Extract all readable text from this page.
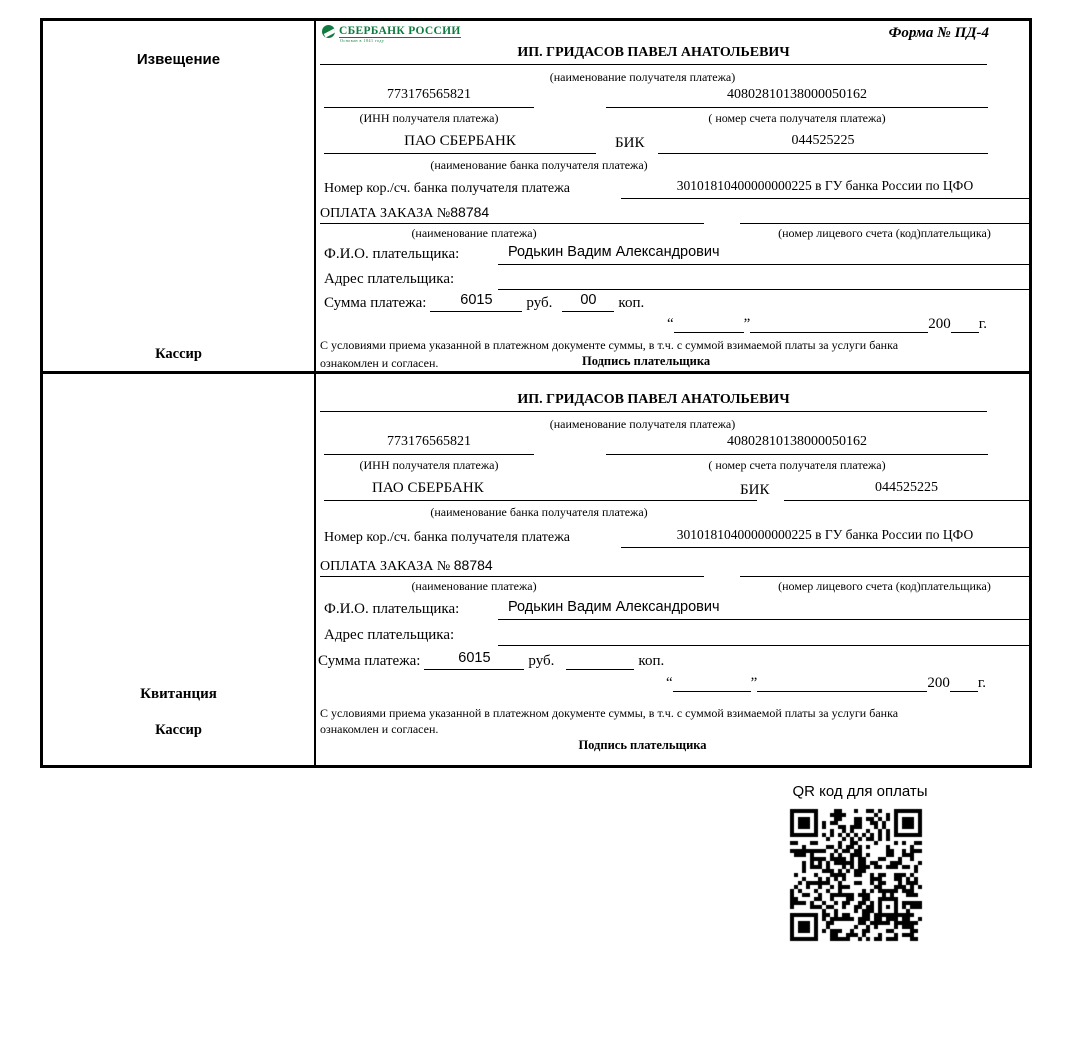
Извещение
Кассир
СБЕРБАНК РОССИИ
Основан в 1841 году	Форма № ПД-4
ИП. ГРИДАСОВ ПАВЕЛ АНАТОЛЬЕВИЧ
(наименование получателя платежа)
773176565821	40802810138000050162
(ИНН получателя платежа)	( номер счета получателя платежа)
ПАО СБЕРБАНК	БИК	044525225
(наименование банка получателя платежа)
Номер кор./сч. банка получателя платежа	30101810400000000225 в ГУ банка России по ЦФО
ОПЛАТА ЗАКАЗА №88784
(наименование платежа)	(номер лицевого счета (код)плательщика)
Ф.И.О. плательщика:	Родькин Вадим Александрович
Адрес плательщика:
Сумма платежа: 6015 руб. 00 коп.
“	”	200 г.
С условиями приема указанной в платежном документе суммы, в т.ч. с суммой взимаемой платы за услуги банка
ознакомлен и согласен.	Подпись плательщика
Квитанция
Кассир
ИП. ГРИДАСОВ ПАВЕЛ АНАТОЛЬЕВИЧ
(наименование получателя платежа)
773176565821	40802810138000050162
(ИНН получателя платежа)	( номер счета получателя платежа)
ПАО СБЕРБАНК	БИК	044525225
(наименование банка получателя платежа)
Номер кор./сч. банка получателя платежа	30101810400000000225 в ГУ банка России по ЦФО
ОПЛАТА ЗАКАЗА № 88784
(наименование платежа)	(номер лицевого счета (код)плательщика)
Ф.И.О. плательщика:	Родькин Вадим Александрович
Адрес плательщика:
Сумма платежа:	6015	руб.	коп.
“	”	200 г.
С условиями приема указанной в платежном документе суммы, в т.ч. с суммой взимаемой платы за услуги банка
ознакомлен и согласен.
Подпись плательщика
QR код для оплаты
